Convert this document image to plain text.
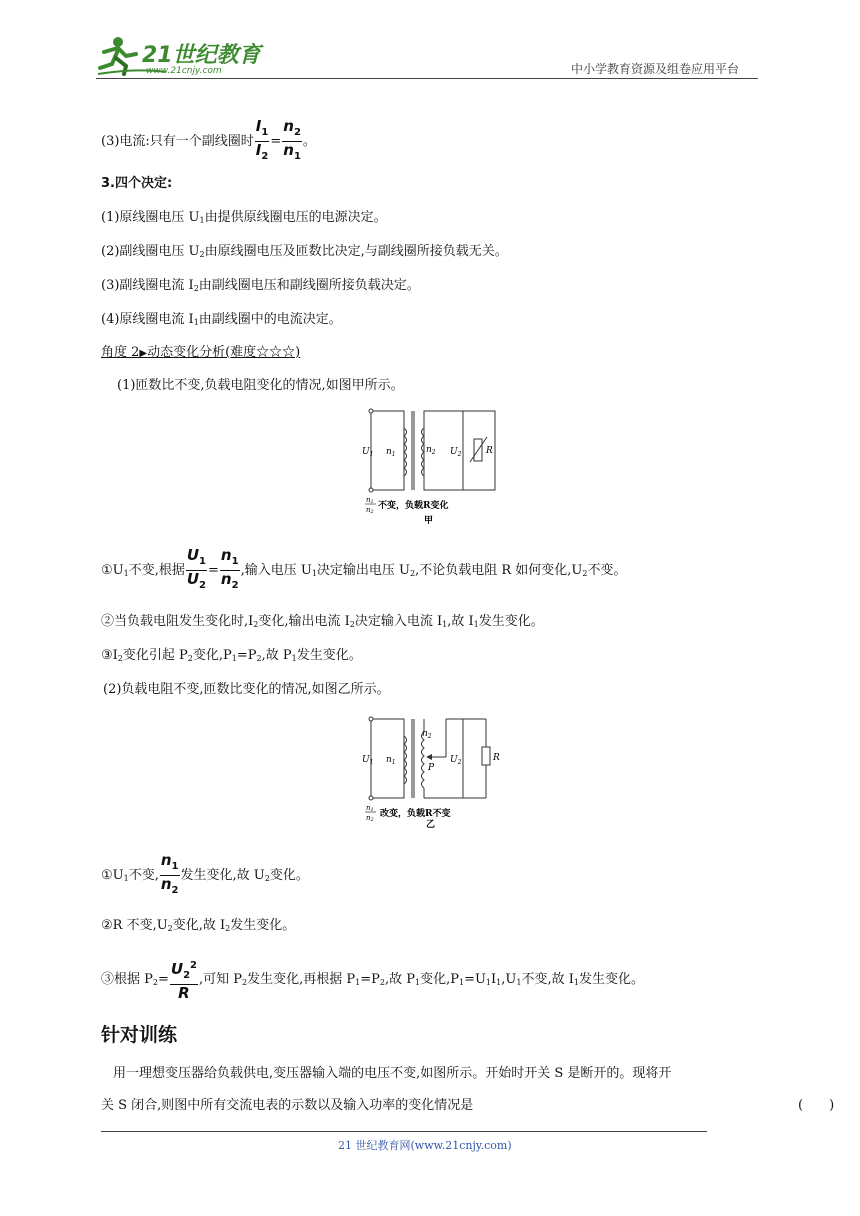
21世纪教育
www.21cnjy.com	中小学教育资源及组卷应用平台
(3)电流:只有一个副线圈时 $\frac{I_1}{I_2} = \frac{n_2}{n_1}$ 。
3.四个决定:
(1)原线圈电压 $U_1$由提供原线圈电压的电源决定。
(2)副线圈电压 $U_2$由原线圈电压及匝数比决定,与副线圈所接负载无关。
(3)副线圈电流 $I_2$由副线圈电压和副线圈所接负载决定。
(4)原线圈电流 $I_1$由副线圈中的电流决定。
角度 2▶动态变化分析(难度☆☆☆)
(1)匝数比不变,负载电阻变化的情况,如图甲所示。
$U_1$ $n_1$	$n_2$ $U_2$	R
n1
n2
不变，负载R变化
甲
$①U_1$不变,根据 $\frac{U_1}{U_2} = \frac{n_1}{n_2}$ ,输入电压 $U_1$决定输出电压 $U_2$,不论负载电阻 R 如何变化$,U_2$不变。
②当负载电阻发生变化时$,I_2$变化,输出电流 $I_2$决定输入电流 $I_1$,故 $I_1$发生变化。
$③I_2$变化引起 $P_2$变化$,P_1=P_2$,故 $P_1$发生变化。
(2)负载电阻不变,匝数比变化的情况,如图乙所示。
$U_1$ $n_1$
$n_2$
P
$U_2$	R
n1
n2
改变，负载R不变
乙
$①U_1$不变, $\frac{n_1}{n_2}$ 发生变化,故 $U_2$变化。
②R 不变$,U_2$变化,故 $I_2$发生变化。
③根据 $P_2= \frac{U_2^2}{R}$ ,可知 $P_2$发生变化,再根据 $P_1=P_2$,故 $P_1$变化$,P_1=U_1I_1,U_1$不变,故 $I_1$发生变化。
针对训练
用一理想变压器给负载供电,变压器输入端的电压不变,如图所示。开始时开关 S 是断开的。现将开
关 S 闭合,则图中所有交流电表的示数以及输入功率的变化情况是	(　　)
21 世纪教育网(www.21cnjy.com)
